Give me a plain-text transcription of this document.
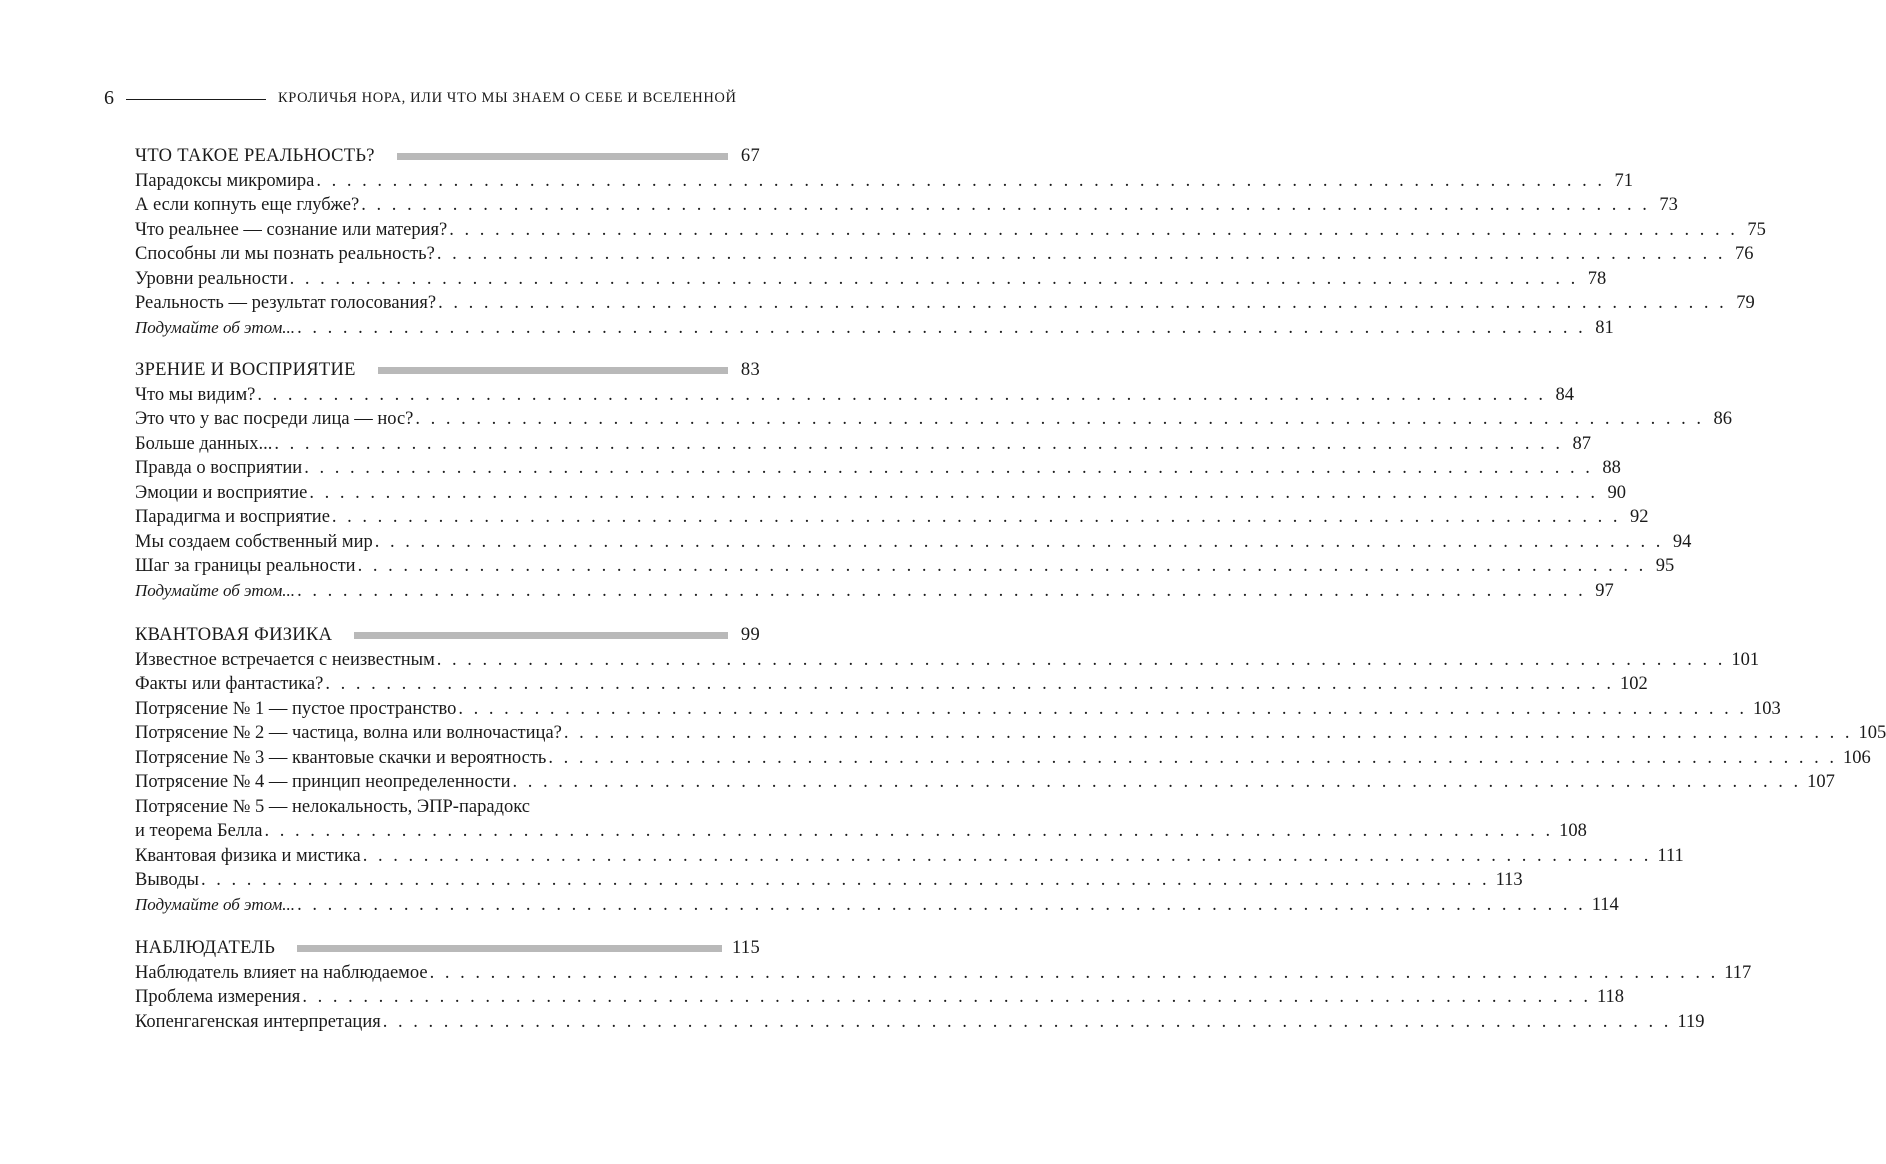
6	КРОЛИЧЬЯ НОРА, ИЛИ ЧТО МЫ ЗНАЕМ О СЕБЕ И ВСЕЛЕННОЙ
ЧТО ТАКОЕ РЕАЛЬНОСТЬ?	67
Парадоксы микромира . . . . . . . . . . . . . . . . . . . . . . . . . . . . . . . . . . . . . . . . . . . . . . . . . . . . . . . . . . . . . . . . . . . . . . . . . . . . . . . . . . . . . 71
А если копнуть еще глубже? . . . . . . . . . . . . . . . . . . . . . . . . . . . . . . . . . . . . . . . . . . . . . . . . . . . . . . . . . . . . . . . . . . . . . . . . . . . . . . . . . . . . . 73
Что реальнее — сознание или материя? . . . . . . . . . . . . . . . . . . . . . . . . . . . . . . . . . . . . . . . . . . . . . . . . . . . . . . . . . . . . . . . . . . . . . . . . . . . . . . . . . . . . . 75
Способны ли мы познать реальность? . . . . . . . . . . . . . . . . . . . . . . . . . . . . . . . . . . . . . . . . . . . . . . . . . . . . . . . . . . . . . . . . . . . . . . . . . . . . . . . . . . . . . 76
Уровни реальности . . . . . . . . . . . . . . . . . . . . . . . . . . . . . . . . . . . . . . . . . . . . . . . . . . . . . . . . . . . . . . . . . . . . . . . . . . . . . . . . . . . . . 78
Реальность — результат голосования? . . . . . . . . . . . . . . . . . . . . . . . . . . . . . . . . . . . . . . . . . . . . . . . . . . . . . . . . . . . . . . . . . . . . . . . . . . . . . . . . . . . . . 79
Подумайте об этом... . . . . . . . . . . . . . . . . . . . . . . . . . . . . . . . . . . . . . . . . . . . . . . . . . . . . . . . . . . . . . . . . . . . . . . . . . . . . . . . . . . . . . 81
ЗРЕНИЕ И ВОСПРИЯТИЕ	83
Что мы видим? . . . . . . . . . . . . . . . . . . . . . . . . . . . . . . . . . . . . . . . . . . . . . . . . . . . . . . . . . . . . . . . . . . . . . . . . . . . . . . . . . . . . . 84
Это что у вас посреди лица — нос? . . . . . . . . . . . . . . . . . . . . . . . . . . . . . . . . . . . . . . . . . . . . . . . . . . . . . . . . . . . . . . . . . . . . . . . . . . . . . . . . . . . . . 86
Больше данных... . . . . . . . . . . . . . . . . . . . . . . . . . . . . . . . . . . . . . . . . . . . . . . . . . . . . . . . . . . . . . . . . . . . . . . . . . . . . . . . . . . . . . 87
Правда о восприятии . . . . . . . . . . . . . . . . . . . . . . . . . . . . . . . . . . . . . . . . . . . . . . . . . . . . . . . . . . . . . . . . . . . . . . . . . . . . . . . . . . . . . 88
Эмоции и восприятие . . . . . . . . . . . . . . . . . . . . . . . . . . . . . . . . . . . . . . . . . . . . . . . . . . . . . . . . . . . . . . . . . . . . . . . . . . . . . . . . . . . . . 90
Парадигма и восприятие . . . . . . . . . . . . . . . . . . . . . . . . . . . . . . . . . . . . . . . . . . . . . . . . . . . . . . . . . . . . . . . . . . . . . . . . . . . . . . . . . . . . . 92
Мы создаем собственный мир . . . . . . . . . . . . . . . . . . . . . . . . . . . . . . . . . . . . . . . . . . . . . . . . . . . . . . . . . . . . . . . . . . . . . . . . . . . . . . . . . . . . . 94
Шаг за границы реальности . . . . . . . . . . . . . . . . . . . . . . . . . . . . . . . . . . . . . . . . . . . . . . . . . . . . . . . . . . . . . . . . . . . . . . . . . . . . . . . . . . . . . 95
Подумайте об этом... . . . . . . . . . . . . . . . . . . . . . . . . . . . . . . . . . . . . . . . . . . . . . . . . . . . . . . . . . . . . . . . . . . . . . . . . . . . . . . . . . . . . . 97
КВАНТОВАЯ ФИЗИКА	99
Известное встречается с неизвестным . . . . . . . . . . . . . . . . . . . . . . . . . . . . . . . . . . . . . . . . . . . . . . . . . . . . . . . . . . . . . . . . . . . . . . . . . . . . . . . . . . . . . 101
Факты или фантастика? . . . . . . . . . . . . . . . . . . . . . . . . . . . . . . . . . . . . . . . . . . . . . . . . . . . . . . . . . . . . . . . . . . . . . . . . . . . . . . . . . . . . . 102
Потрясение № 1 — пустое пространство . . . . . . . . . . . . . . . . . . . . . . . . . . . . . . . . . . . . . . . . . . . . . . . . . . . . . . . . . . . . . . . . . . . . . . . . . . . . . . . . . . . . . 103
Потрясение № 2 — частица, волна или волночастица? . . . . . . . . . . . . . . . . . . . . . . . . . . . . . . . . . . . . . . . . . . . . . . . . . . . . . . . . . . . . . . . . . . . . . . . . . . . . . . . . . . . . . 105
Потрясение № 3 — квантовые скачки и вероятность . . . . . . . . . . . . . . . . . . . . . . . . . . . . . . . . . . . . . . . . . . . . . . . . . . . . . . . . . . . . . . . . . . . . . . . . . . . . . . . . . . . . . 106
Потрясение № 4 — принцип неопределенности . . . . . . . . . . . . . . . . . . . . . . . . . . . . . . . . . . . . . . . . . . . . . . . . . . . . . . . . . . . . . . . . . . . . . . . . . . . . . . . . . . . . . 107
Потрясение № 5 — нелокальность, ЭПР-парадокс
и теорема Белла . . . . . . . . . . . . . . . . . . . . . . . . . . . . . . . . . . . . . . . . . . . . . . . . . . . . . . . . . . . . . . . . . . . . . . . . . . . . . . . . . . . . . 108
Квантовая физика и мистика . . . . . . . . . . . . . . . . . . . . . . . . . . . . . . . . . . . . . . . . . . . . . . . . . . . . . . . . . . . . . . . . . . . . . . . . . . . . . . . . . . . . . 111
Выводы . . . . . . . . . . . . . . . . . . . . . . . . . . . . . . . . . . . . . . . . . . . . . . . . . . . . . . . . . . . . . . . . . . . . . . . . . . . . . . . . . . . . . 113
Подумайте об этом... . . . . . . . . . . . . . . . . . . . . . . . . . . . . . . . . . . . . . . . . . . . . . . . . . . . . . . . . . . . . . . . . . . . . . . . . . . . . . . . . . . . . . 114
НАБЛЮДАТЕЛЬ	115
Наблюдатель влияет на наблюдаемое . . . . . . . . . . . . . . . . . . . . . . . . . . . . . . . . . . . . . . . . . . . . . . . . . . . . . . . . . . . . . . . . . . . . . . . . . . . . . . . . . . . . . 117
Проблема измерения . . . . . . . . . . . . . . . . . . . . . . . . . . . . . . . . . . . . . . . . . . . . . . . . . . . . . . . . . . . . . . . . . . . . . . . . . . . . . . . . . . . . . 118
Копенгагенская интерпретация . . . . . . . . . . . . . . . . . . . . . . . . . . . . . . . . . . . . . . . . . . . . . . . . . . . . . . . . . . . . . . . . . . . . . . . . . . . . . . . . . . . . . 119
